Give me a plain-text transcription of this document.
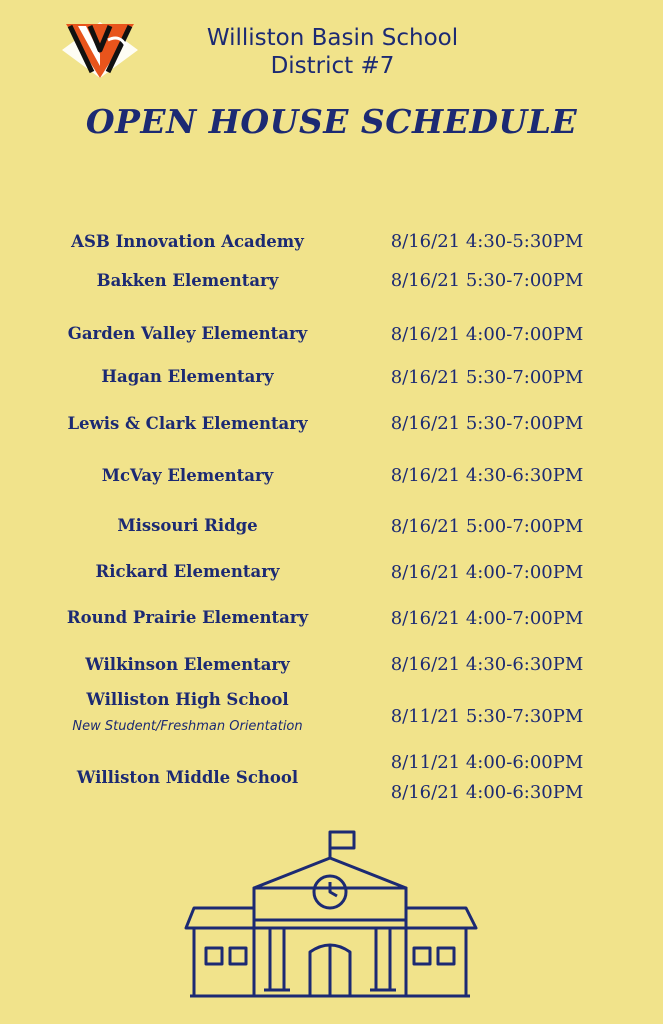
Williston Basin School
District #7
OPEN HOUSE SCHEDULE
ASB Innovation Academy	8/16/21 4:30-5:30PM
Bakken Elementary	8/16/21 5:30-7:00PM
Garden Valley Elementary	8/16/21 4:00-7:00PM
Hagan Elementary	8/16/21 5:30-7:00PM
Lewis & Clark Elementary	8/16/21 5:30-7:00PM
McVay Elementary	8/16/21 4:30-6:30PM
Missouri Ridge	8/16/21 5:00-7:00PM
Rickard Elementary	8/16/21 4:00-7:00PM
Round Prairie Elementary	8/16/21 4:00-7:00PM
Wilkinson Elementary	8/16/21 4:30-6:30PM
Williston High School
New Student/Freshman Orientation	8/11/21 5:30-7:30PM
Williston Middle School
8/11/21 4:00-6:00PM
8/16/21 4:00-6:30PM
